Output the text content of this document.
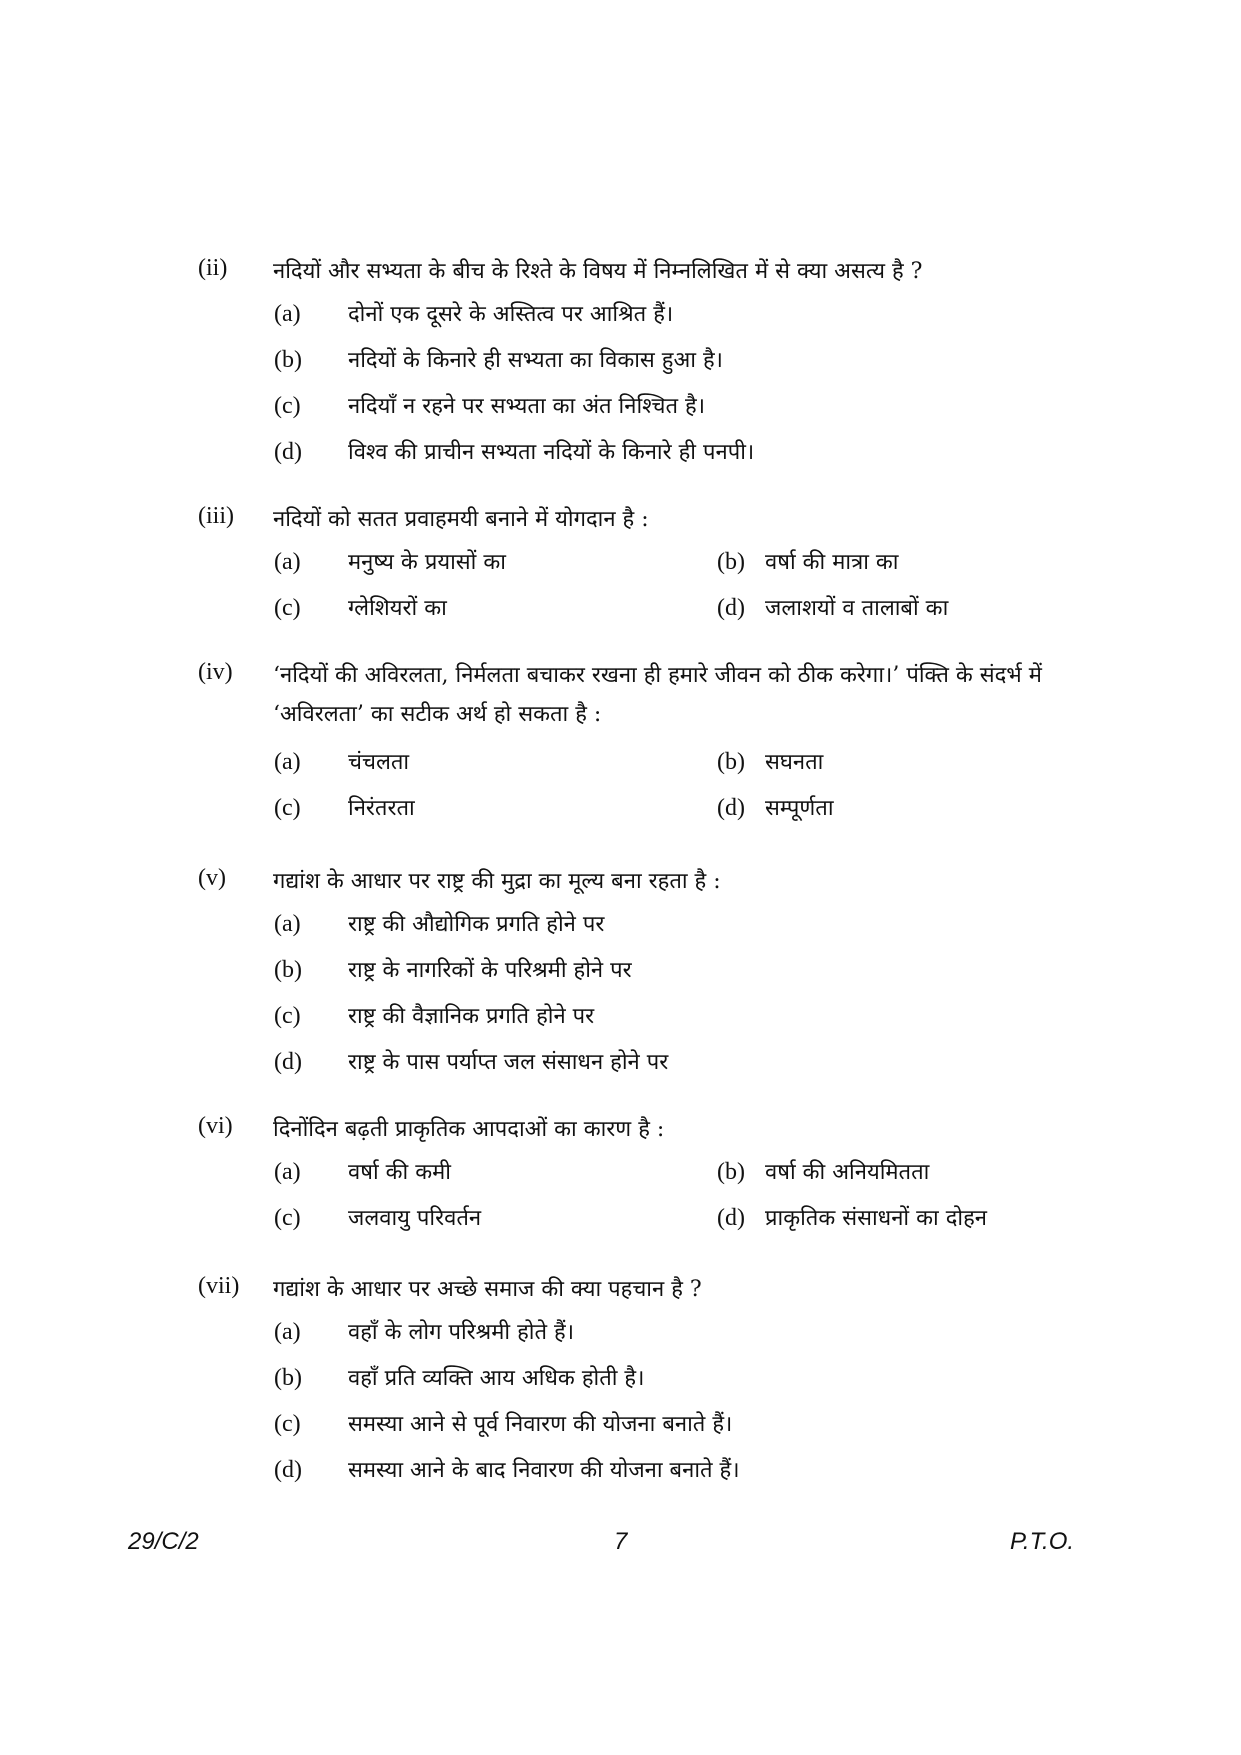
(ii) नदियों और सभ्यता के बीच के रिश्ते के विषय में निम्नलिखित में से क्या असत्य है ?
(a) दोनों एक दूसरे के अस्तित्व पर आश्रित हैं।
(b) नदियों के किनारे ही सभ्यता का विकास हुआ है।
(c) नदियाँ न रहने पर सभ्यता का अंत निश्चित है।
(d) विश्व की प्राचीन सभ्यता नदियों के किनारे ही पनपी।
(iii) नदियों को सतत प्रवाहमयी बनाने में योगदान है :
(a) मनुष्य के प्रयासों का	(b) वर्षा की मात्रा का
(c) ग्लेशियरों का	(d) जलाशयों व तालाबों का
(iv) ‘नदियों की अविरलता, निर्मलता बचाकर रखना ही हमारे जीवन को ठीक करेगा।’ पंक्ति के संदर्भ में ‘अविरलता’ का सटीक अर्थ हो सकता है :
(a) चंचलता	(b) सघनता
(c) निरंतरता	(d) सम्पूर्णता
(v) गद्यांश के आधार पर राष्ट्र की मुद्रा का मूल्य बना रहता है :
(a) राष्ट्र की औद्योगिक प्रगति होने पर
(b) राष्ट्र के नागरिकों के परिश्रमी होने पर
(c) राष्ट्र की वैज्ञानिक प्रगति होने पर
(d) राष्ट्र के पास पर्याप्त जल संसाधन होने पर
(vi) दिनोंदिन बढ़ती प्राकृतिक आपदाओं का कारण है :
(a) वर्षा की कमी	(b) वर्षा की अनियमितता
(c) जलवायु परिवर्तन	(d) प्राकृतिक संसाधनों का दोहन
(vii) गद्यांश के आधार पर अच्छे समाज की क्या पहचान है ?
(a) वहाँ के लोग परिश्रमी होते हैं।
(b) वहाँ प्रति व्यक्ति आय अधिक होती है।
(c) समस्या आने से पूर्व निवारण की योजना बनाते हैं।
(d) समस्या आने के बाद निवारण की योजना बनाते हैं।
29/C/2	7	P.T.O.
